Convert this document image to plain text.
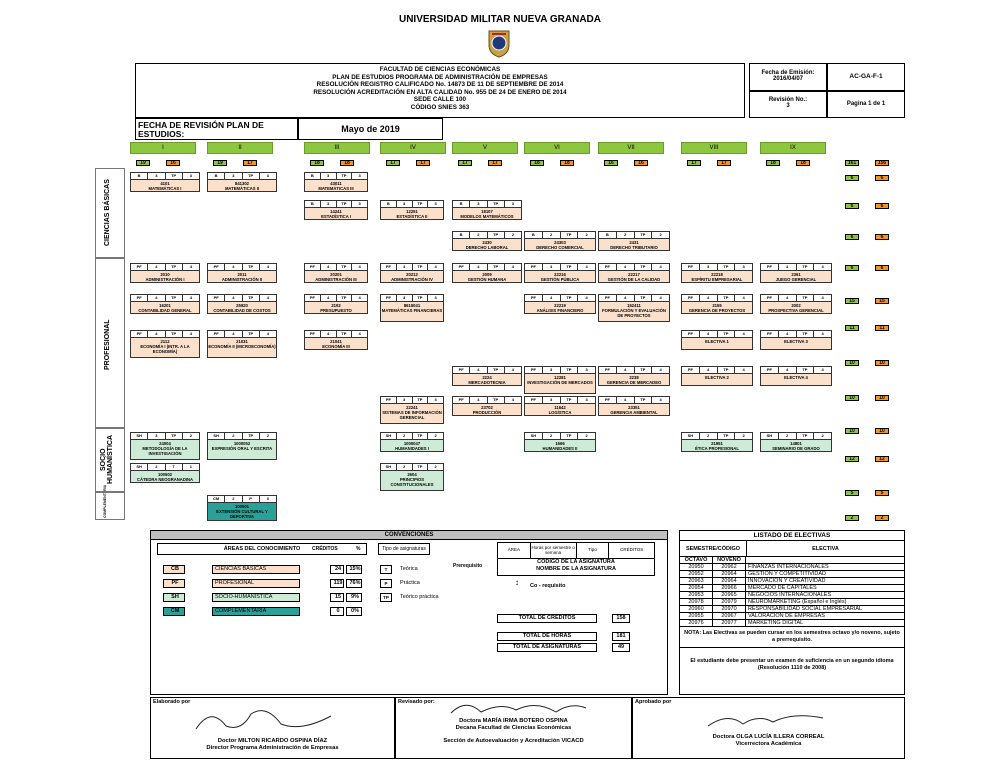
UNIVERSIDAD MILITAR NUEVA GRANADA
FACULTAD DE CIENCIAS ECONÓMICAS
PLAN DE ESTUDIOS PROGRAMA DE ADMINISTRACIÓN DE EMPRESAS
RESOLUCIÓN REGISTRO CALIFICADO No. 14873 DE 11 DE SEPTIEMBRE DE 2014
RESOLUCIÓN ACREDITACIÓN EN ALTA CALIDAD No. 955 DE 24 DE ENERO DE 2014
SEDE CALLE 100
CÓDIGO SNIES 363
Fecha de Emisión:
2016/04/07	AC-GA-F-1
Revisión No.:
3	Pagina 1 de 1
FECHA DE REVISIÓN PLAN DE ESTUDIOS:	Mayo de 2019
I	II	III	IV	V	VI	VII	VIII	IX
19	16	19	17	18	18	17	17	17	17	18	18	16	16	17	17	18	18	161	156
CIENCIAS BÁSICAS
PROFESIONAL
SOCIO HUMANÍSTICA
COMPLEMENTARIA
6	6
6	6
6	6
6	6
15	15
11	11
10	10
10	10
10	10
12	12
5	5
2	2
B	3	TP	3
4101
MATEMÁTICAS I
B	3	TP	3
841302
MATEMÁTICAS II
B	3	TP	3
43011
MATEMÁTICAS III
B	3	TP	3
14241
ESTADÍSTICA I
B	3	TP	3
12251
ESTADÍSTICA II
B	3	TP	3
18107
MODELOS MATEMÁTICOS
B	2	TP	2
2430
DERECHO LABORAL
B	2	TP	2
24303
DERECHO COMERCIAL
B	2	TP	2
2431
DERECHO TRIBUTARIO
PF	4	TP	4
2010
ADMINISTRACIÓN I
PF	4	TP	4
2011
ADMINISTRACIÓN II
PF	4	TP	4
20201
ADMINISTRACIÓN III
PF	4	TP	4
20212
ADMINISTRACIÓN IV
PF	4	TP	4
2009
GESTIÓN HUMANA
PF	4	TP	4
22216
GESTIÓN PÚBLICA
PF	4	TP	4
22217
GESTIÓN DE LA CALIDAD
PF	3	TP	3
22218
ESPÍRITU EMPRESARIAL
PF	4	TP	4
2361
JUEGO GERENCIAL
PF	4	TP	4
16201
CONTABILIDAD GENERAL
PF	4	TP	4
25920
CONTABILIDAD DE COSTOS
PF	4	TP	4
2192
PRESUPUESTO
PF	3	TP	3
8615041
MATEMÁTICAS FINANCIERAS
PF	4	TP	4
22219
ANÁLISIS FINANCIERO
PF	4	TP	4
152411
FORMULACIÓN Y EVALUACIÓN DE PROYECTOS
PF	4	TP	4
2155
GERENCIA DE PROYECTOS
PF	4	TP	4
2002
PROSPECTIVA GERENCIAL
PF	4	TP	4
2112
ECONOMÍA I (INTR. A LA ECONOMÍA)
PF	4	TP	4
21031
ECONOMÍA II (MICROECONOMÍA)
PF	4	TP	4
21041
ECONOMÍA III
PF	4	TP	4
ELECTIVA 1
PF	4	TP	4
ELECTIVA 3
PF	4	TP	4
2224
MERCADOTECNIA
PF	3	TP	3
12281
INVESTIGACIÓN DE MERCADOS
PF	4	TP	4
2238
GERENCIA DE MERCADEO
PF	4	TP	4
ELECTIVA 2
PF	4	TP	4
ELECTIVA 4
PF	3	TP	3
22241
SISTEMAS DE INFORMACIÓN GERENCIAL
PF	4	TP	4
23702
PRODUCCIÓN
PF	3	TP	3
11642
LOGÍSTICA
PF	4	TP	4
23351
GERENCIA AMBIENTAL
SH	3	TP	2
24004
METODOLOGÍA DE LA INVESTIGACIÓN
SH	2	TP	2
1000052
EXPRESIÓN ORAL Y ESCRITA
SH	2	TP	2
1000047
HUMANIDADES I
SH	2	TP	2
1666
HUMANIDADES II
SH	2	TP	2
21951
ÉTICA PROFESIONAL
SH	2	TP	2
14801
SEMINARIO DE GRADO
SH	2	T	1
100502
CÁTEDRA NEOGRANADINA
SH	2	TP	2
2604
PRINCIPIOS CONSTITUCIONALES
CM	2	P	0
100501
EXTENSIÓN CULTURAL Y DEPORTIVA
CONVENCIONES
ÁREAS DEL CONOCIMIENTO	CRÉDITOS	%	Tipo de asignaturas
CB	CIENCIAS BÁSICAS	24	15%
PF	PROFESIONAL	119	76%
SH	SOCIO-HUMANÍSTICA	15	9%
CM	COMPLEMENTARIA	0	0%
T	Teórica
P	Práctica
TP	Teórico práctica
Prerequisito
ÁREA	Horas por semestre o semana
Tipo	CRÉDITOS
CÓDIGO DE LA ASIGNATURA
NOMBRE DE LA ASIGNATURA
↕ Co - requisito
TOTAL DE CRÉDITOS	158
TOTAL DE HORAS	181
TOTAL DE ASIGNATURAS	49
LISTADO DE ELECTIVAS
SEMESTRE/CÓDIGO	ELECTIVA
OCTAVO	NOVENO
20950	20962	FINANZAS INTERNACIONALES
20952	20964	GESTIÓN Y COMPETITIVIDAD
20963	20964	INNOVACIÓN Y CREATIVIDAD
20954	20966	MERCADO DE CAPITALES
20953	20965	NEGOCIOS INTERNACIONALES
20978	20979	NEUROMARKETING (Español e Inglés)
20960	20970	RESPONSABILIDAD SOCIAL EMPRESARIAL
20955	20967	VALORACIÓN DE EMPRESAS
20976	20977	MARKETING DIGITAL
NOTA: Las Electivas se pueden cursar en los semestres octavo y/o noveno, sujeto a prerrequisito.
El estudiante debe presentar un examen de suficiencia en un segundo idioma (Resolución 1110 de 2008)
Elaborado por
Doctor MILTON RICARDO OSPINA DÍAZ
Director Programa Administración de Empresas
Revisado por:
Doctora MARÍA IRMA BOTERO OSPINA
Decana Facultad de Ciencias Económicas
Sección de Autoevaluación y Acreditación VICACD
Aprobado por
Doctora OLGA LUCÍA ILLERA CORREAL
Vicerrectora Académica
